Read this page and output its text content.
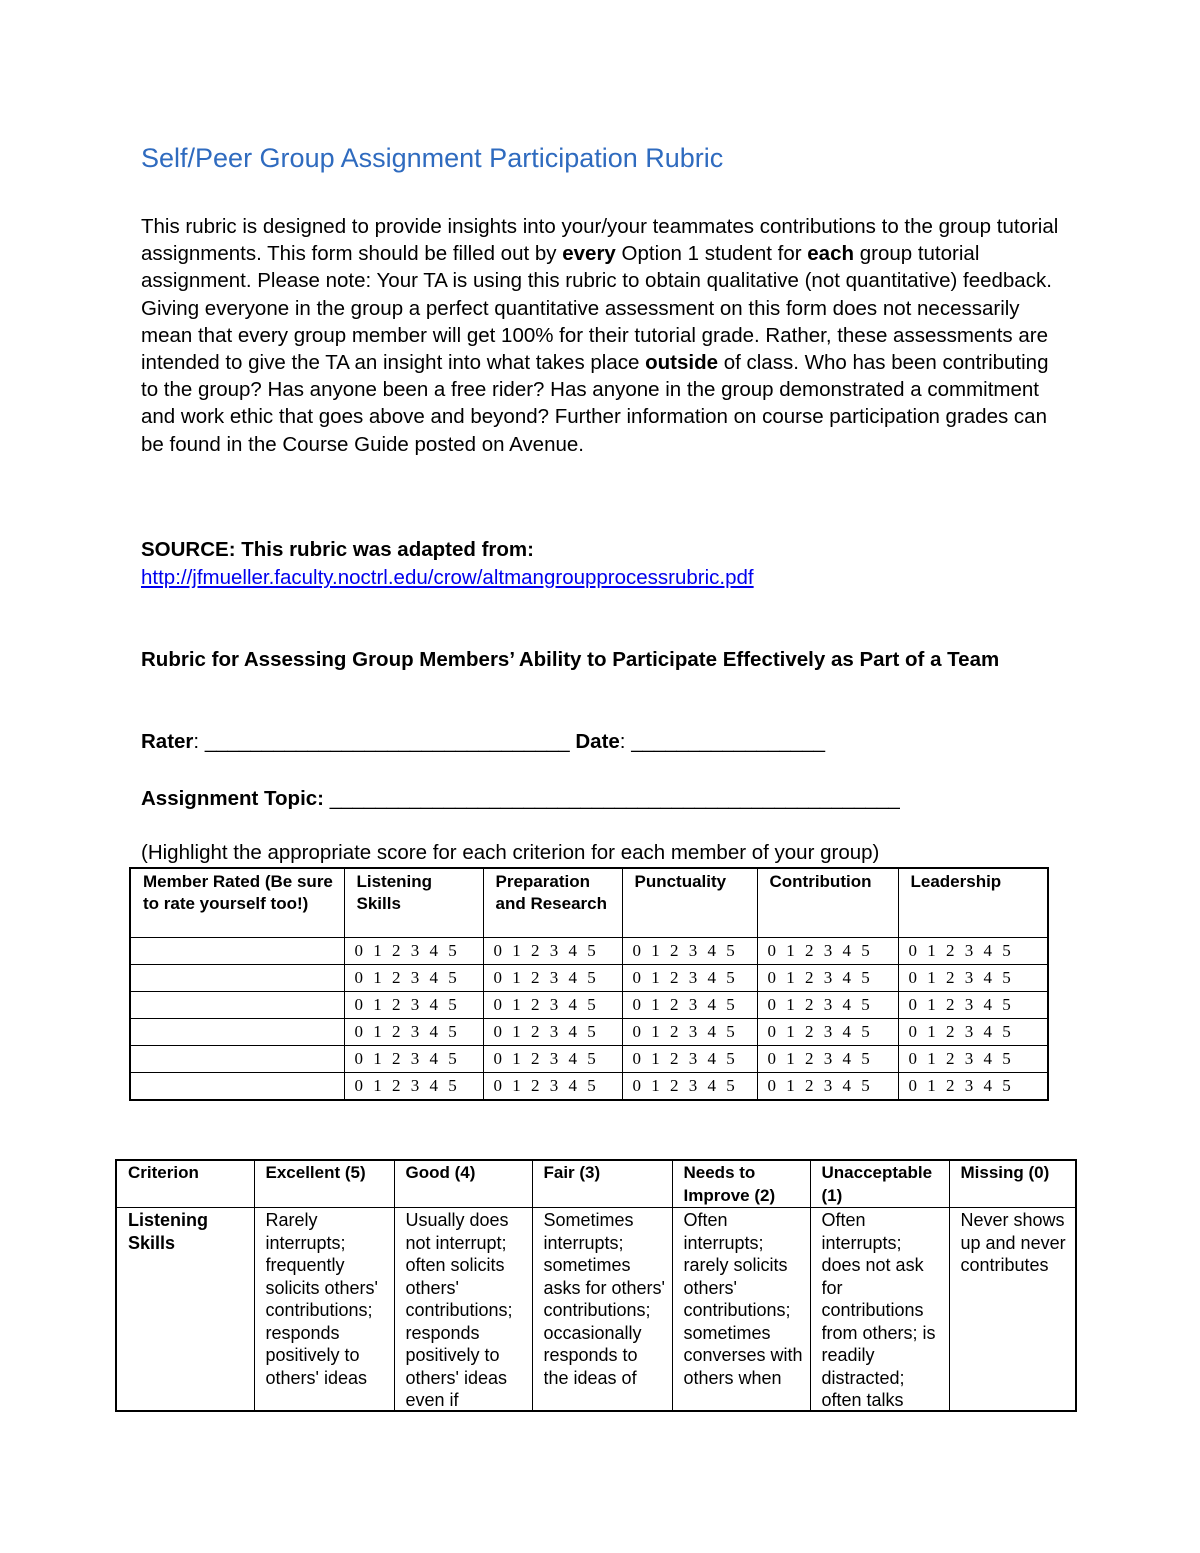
Self/Peer Group Assignment Participation Rubric
This rubric is designed to provide insights into your/your teammates contributions to the group tutorial assignments. This form should be filled out by every Option 1 student for each group tutorial assignment. Please note: Your TA is using this rubric to obtain qualitative (not quantitative) feedback. Giving everyone in the group a perfect quantitative assessment on this form does not necessarily mean that every group member will get 100% for their tutorial grade. Rather, these assessments are intended to give the TA an insight into what takes place outside of class. Who has been contributing to the group? Has anyone been a free rider? Has anyone in the group demonstrated a commitment and work ethic that goes above and beyond? Further information on course participation grades can be found in the Course Guide posted on Avenue.
SOURCE: This rubric was adapted from:
http://jfmueller.faculty.noctrl.edu/crow/altmangroupprocessrubric.pdf
Rubric for Assessing Group Members’ Ability to Participate Effectively as Part of a Team
Rater: ________________________________ Date: _________________
Assignment Topic: __________________________________________________
(Highlight the appropriate score for each criterion for each member of your group)
Member Rated (Be sure to rate yourself too!)	Listening Skills	Preparation and Research	Punctuality	Contribution	Leadership
	0 1 2 3 4 5	0 1 2 3 4 5	0 1 2 3 4 5	0 1 2 3 4 5	0 1 2 3 4 5
	0 1 2 3 4 5	0 1 2 3 4 5	0 1 2 3 4 5	0 1 2 3 4 5	0 1 2 3 4 5
	0 1 2 3 4 5	0 1 2 3 4 5	0 1 2 3 4 5	0 1 2 3 4 5	0 1 2 3 4 5
	0 1 2 3 4 5	0 1 2 3 4 5	0 1 2 3 4 5	0 1 2 3 4 5	0 1 2 3 4 5
	0 1 2 3 4 5	0 1 2 3 4 5	0 1 2 3 4 5	0 1 2 3 4 5	0 1 2 3 4 5
	0 1 2 3 4 5	0 1 2 3 4 5	0 1 2 3 4 5	0 1 2 3 4 5	0 1 2 3 4 5
Criterion	Excellent (5)	Good (4)	Fair (3)	Needs to Improve (2)	Unacceptable (1)	Missing (0)

Listening Skills	Rarely interrupts; frequently solicits others' contributions; responds positively to others' ideas	Usually does not interrupt; often solicits others' contributions; responds positively to others' ideas even if	Sometimes interrupts; sometimes asks for others' contributions; occasionally responds to the ideas of	Often interrupts; rarely solicits others' contributions; sometimes converses with others when	Often interrupts; does not ask for contributions from others; is readily distracted; often talks	Never shows up and never contributes
